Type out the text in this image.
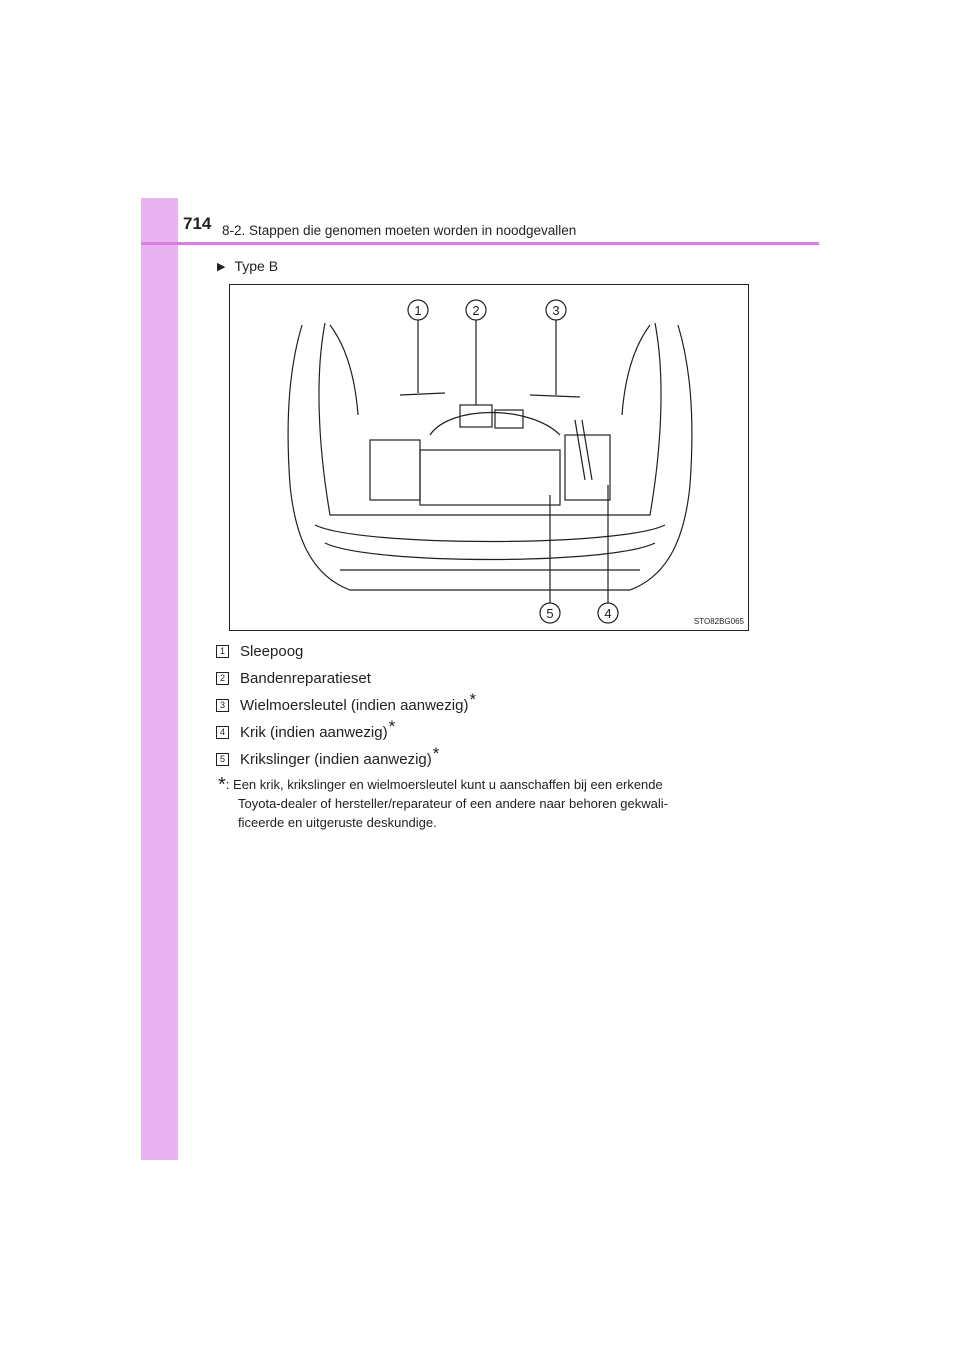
714 8-2. Stappen die genomen moeten worden in noodgevallen
▶ Type B
1	2	3
5	4
STO82BG065
1 Sleepoog
2 Bandenreparatieset
3 Wielmoersleutel (indien aanwezig) *
4 Krik (indien aanwezig) *
5 Krikslinger (indien aanwezig) *
*: Een krik, krikslinger en wielmoersleutel kunt u aanschaffen bij een erkende
Toyota-dealer of hersteller/reparateur of een andere naar behoren gekwali-
ficeerde en uitgeruste deskundige.
